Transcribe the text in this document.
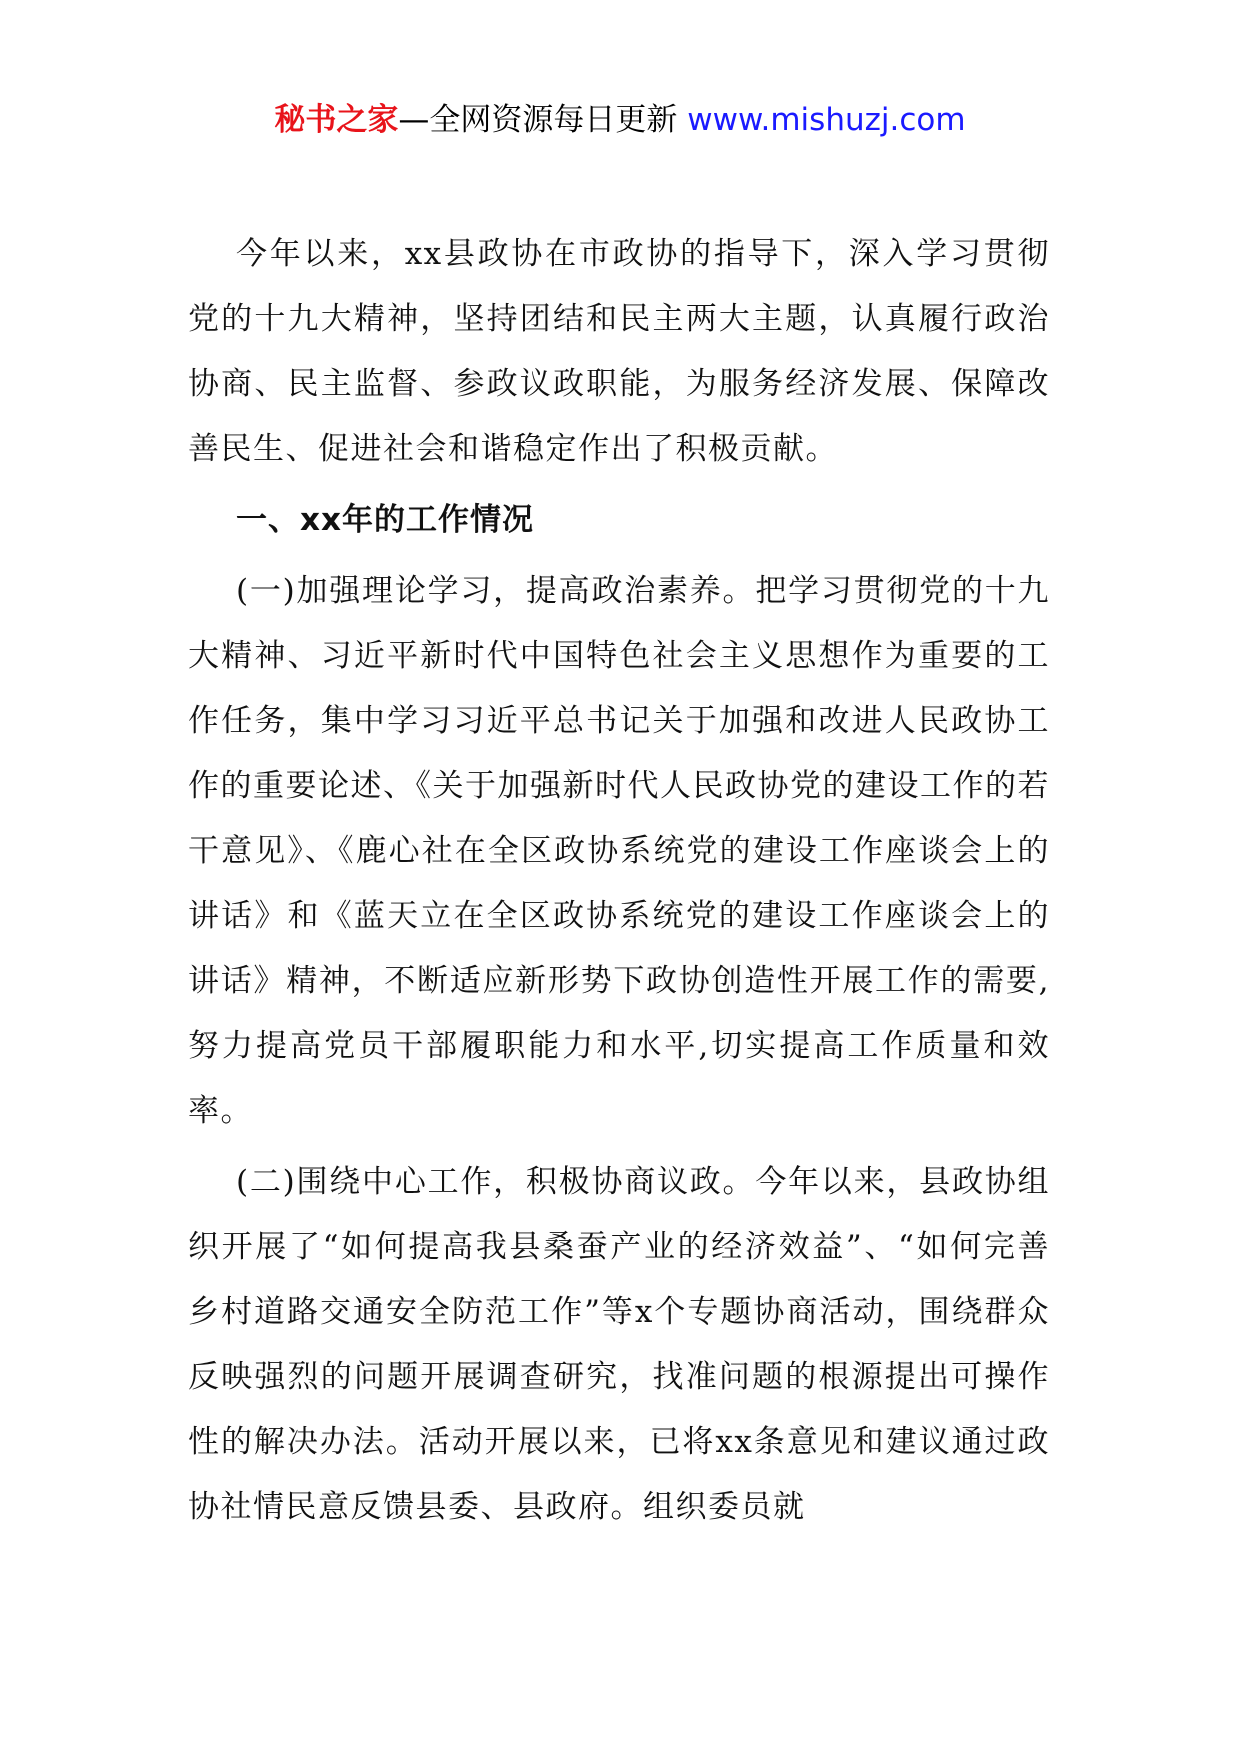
秘书之家—全网资源每日更新 www.mishuzj.com

今年以来，xx县政协在市政协的指导下，深入学习贯彻党的十九大精神，坚持团结和民主两大主题，认真履行政治协商、民主监督、参政议政职能，为服务经济发展、保障改善民生、促进社会和谐稳定作出了积极贡献。

一、xx年的工作情况

(一)加强理论学习，提高政治素养。把学习贯彻党的十九大精神、习近平新时代中国特色社会主义思想作为重要的工作任务，集中学习习近平总书记关于加强和改进人民政协工作的重要论述、《关于加强新时代人民政协党的建设工作的若干意见》、《鹿心社在全区政协系统党的建设工作座谈会上的讲话》和《蓝天立在全区政协系统党的建设工作座谈会上的讲话》精神，不断适应新形势下政协创造性开展工作的需要,努力提高党员干部履职能力和水平,切实提高工作质量和效率。

(二)围绕中心工作，积极协商议政。今年以来，县政协组织开展了“如何提高我县桑蚕产业的经济效益”、“如何完善乡村道路交通安全防范工作”等x个专题协商活动，围绕群众反映强烈的问题开展调查研究，找准问题的根源提出可操作性的解决办法。活动开展以来，已将xx条意见和建议通过政协社情民意反馈县委、县政府。组织委员就
